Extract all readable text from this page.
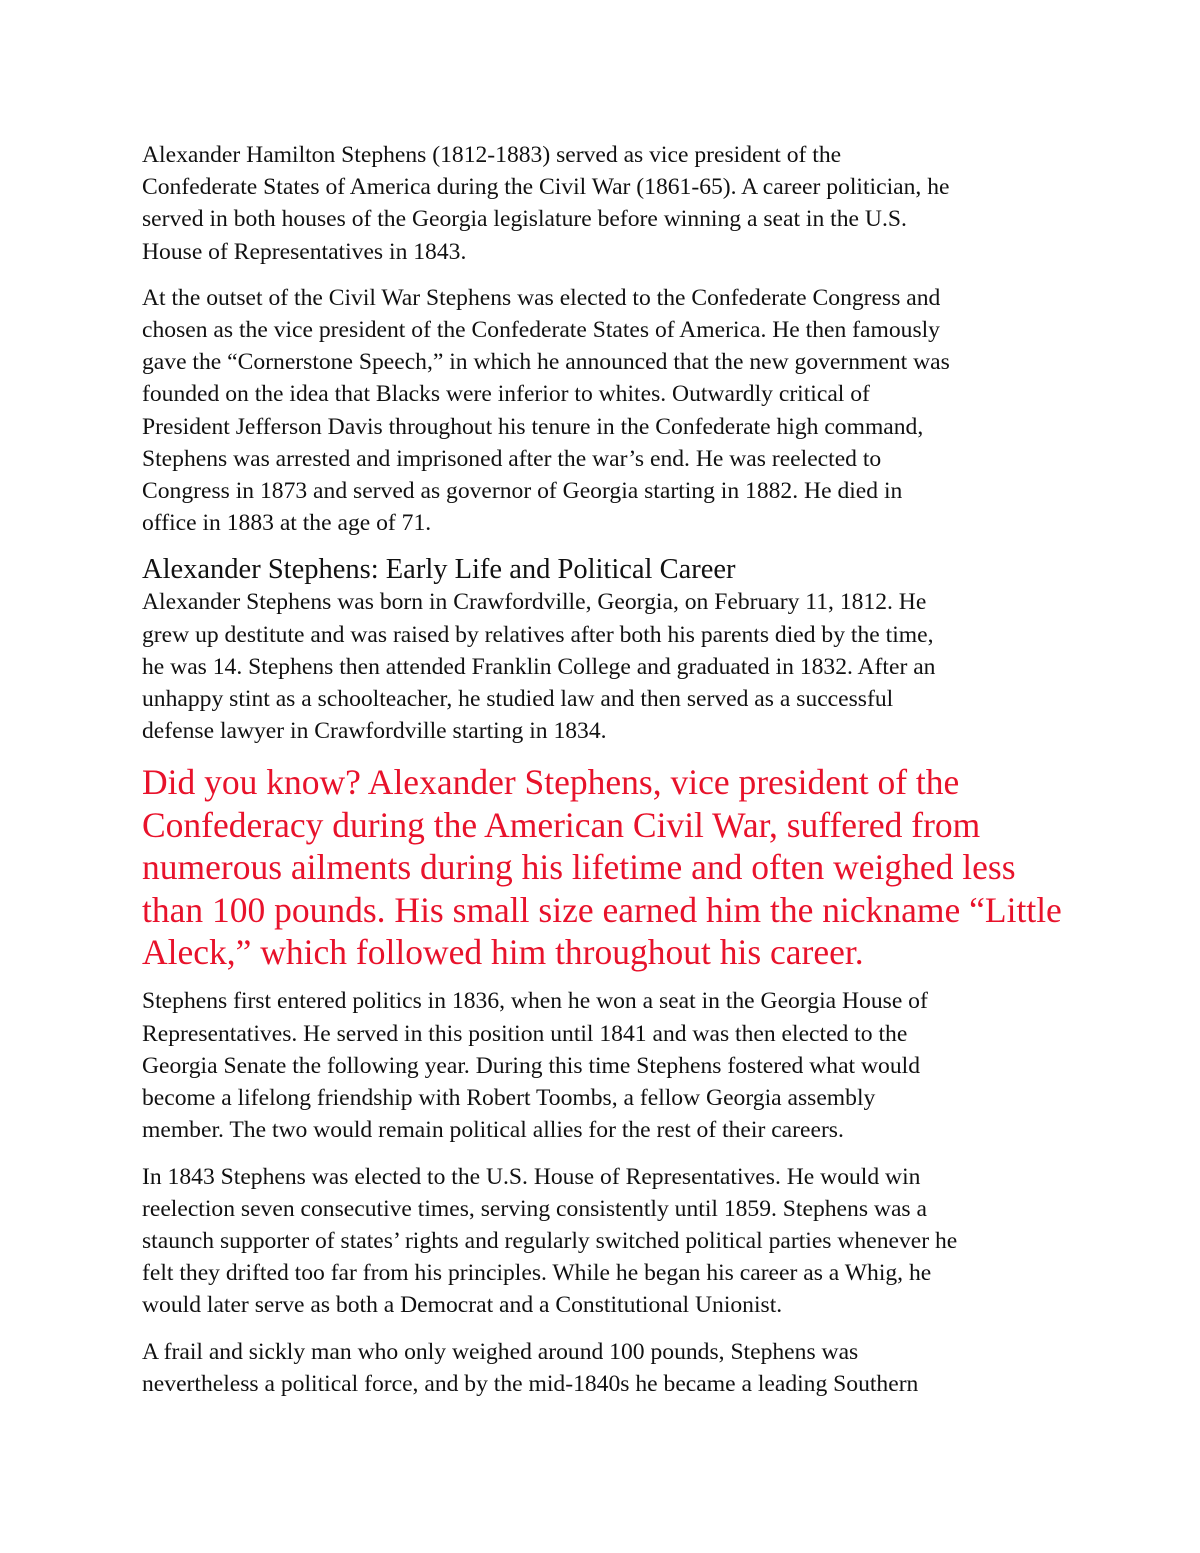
Alexander Hamilton Stephens (1812-1883) served as vice president of the
Confederate States of America during the Civil War (1861-65). A career politician, he
served in both houses of the Georgia legislature before winning a seat in the U.S.
House of Representatives in 1843.

At the outset of the Civil War Stephens was elected to the Confederate Congress and
chosen as the vice president of the Confederate States of America. He then famously
gave the “Cornerstone Speech,” in which he announced that the new government was
founded on the idea that Blacks were inferior to whites. Outwardly critical of
President Jefferson Davis throughout his tenure in the Confederate high command,
Stephens was arrested and imprisoned after the war’s end. He was reelected to
Congress in 1873 and served as governor of Georgia starting in 1882. He died in
office in 1883 at the age of 71.

Alexander Stephens: Early Life and Political Career

Alexander Stephens was born in Crawfordville, Georgia, on February 11, 1812. He
grew up destitute and was raised by relatives after both his parents died by the time,
he was 14. Stephens then attended Franklin College and graduated in 1832. After an
unhappy stint as a schoolteacher, he studied law and then served as a successful
defense lawyer in Crawfordville starting in 1834.

Did you know? Alexander Stephens, vice president of the
Confederacy during the American Civil War, suffered from
numerous ailments during his lifetime and often weighed less
than 100 pounds. His small size earned him the nickname “Little
Aleck,” which followed him throughout his career.

Stephens first entered politics in 1836, when he won a seat in the Georgia House of
Representatives. He served in this position until 1841 and was then elected to the
Georgia Senate the following year. During this time Stephens fostered what would
become a lifelong friendship with Robert Toombs, a fellow Georgia assembly
member. The two would remain political allies for the rest of their careers.

In 1843 Stephens was elected to the U.S. House of Representatives. He would win
reelection seven consecutive times, serving consistently until 1859. Stephens was a
staunch supporter of states’ rights and regularly switched political parties whenever he
felt they drifted too far from his principles. While he began his career as a Whig, he
would later serve as both a Democrat and a Constitutional Unionist.

A frail and sickly man who only weighed around 100 pounds, Stephens was
nevertheless a political force, and by the mid-1840s he became a leading Southern
